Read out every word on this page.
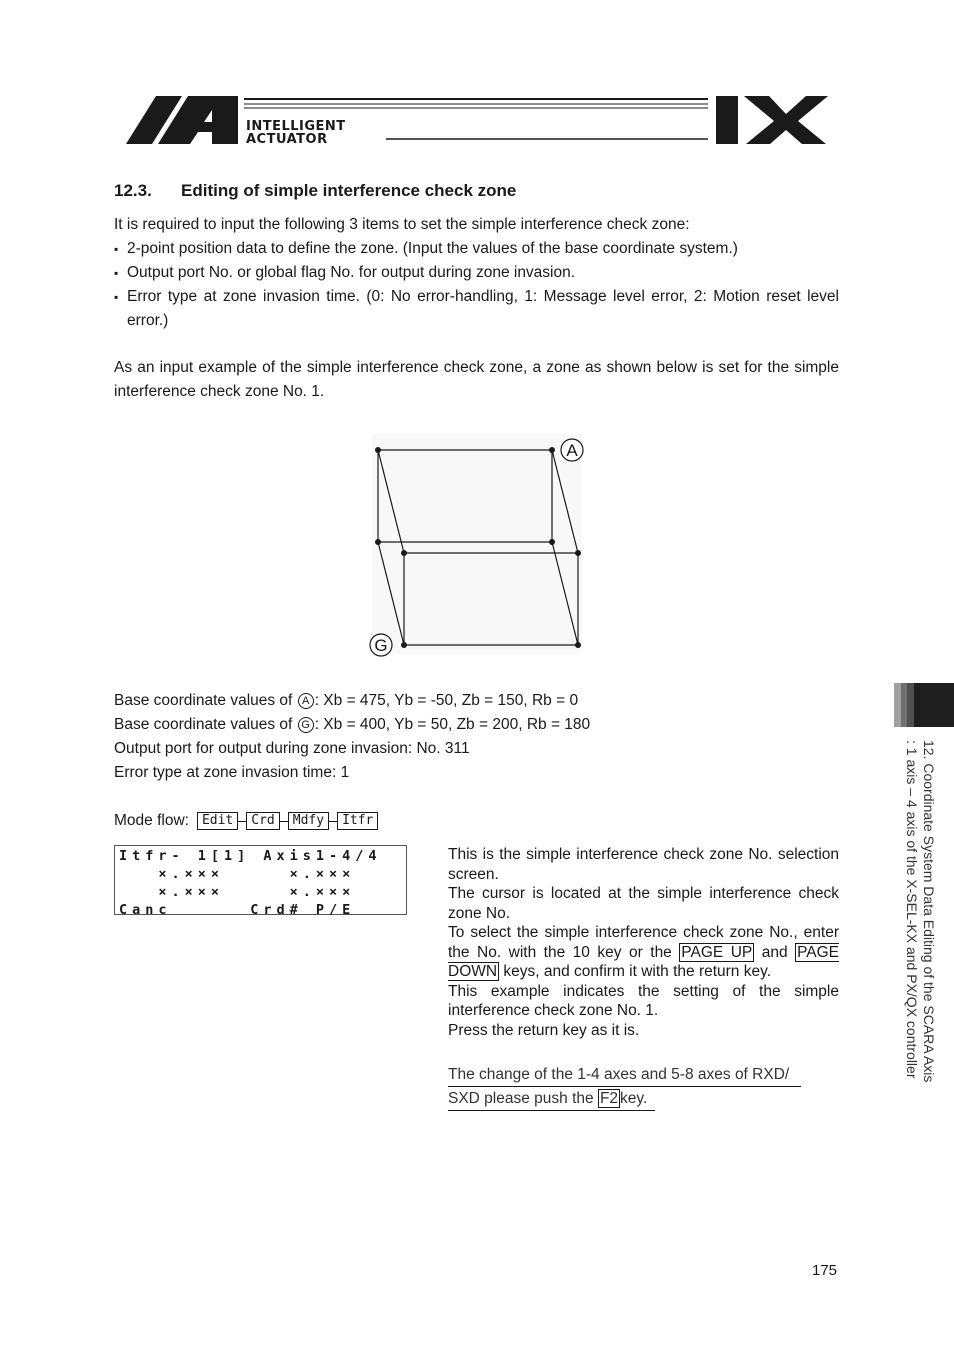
INTELLIGENT
ACTUATOR
12.3. Editing of simple interference check zone
It is required to input the following 3 items to set the simple interference check zone:
▪ 2-point position data to define the zone. (Input the values of the base coordinate system.)
▪ Output port No. or global flag No. for output during zone invasion.
▪ Error type at zone invasion time. (0: No error-handling, 1: Message level error, 2: Motion reset level error.)
As an input example of the simple interference check zone, a zone as shown below is set for the simple interference check zone No. 1.
A
G
Base coordinate values of A : Xb = 475, Yb = -50, Zb = 150, Rb = 0
Base coordinate values of G : Xb = 400, Yb = 50, Zb = 200, Rb = 180
Output port for output during zone invasion: No. 311
Error type at zone invasion time: 1
Mode flow:	Edit	Crd	Mdfy	Itfr
Itfr- 1[1] Axis1-4/4
×.×××     ×.×××
×.×××     ×.×××
Canc      Crd# P/E

This is the simple interference check zone No. selection screen.

The cursor is located at the simple interference check zone No.

To select the simple interference check zone No., enter the No. with the 10 key or the PAGE UP and PAGE DOWN keys, and confirm it with the return key.

This example indicates the setting of the simple interference check zone No. 1.

Press the return key as it is.

The change of the 1-4 axes and 5-8 axes of RXD/
SXD please push the F2 key.
12. Coordinate System Data Editing of the SCARA Axis
: 1 axis – 4 axis of the X-SEL-KX and PX/QX controller
175
